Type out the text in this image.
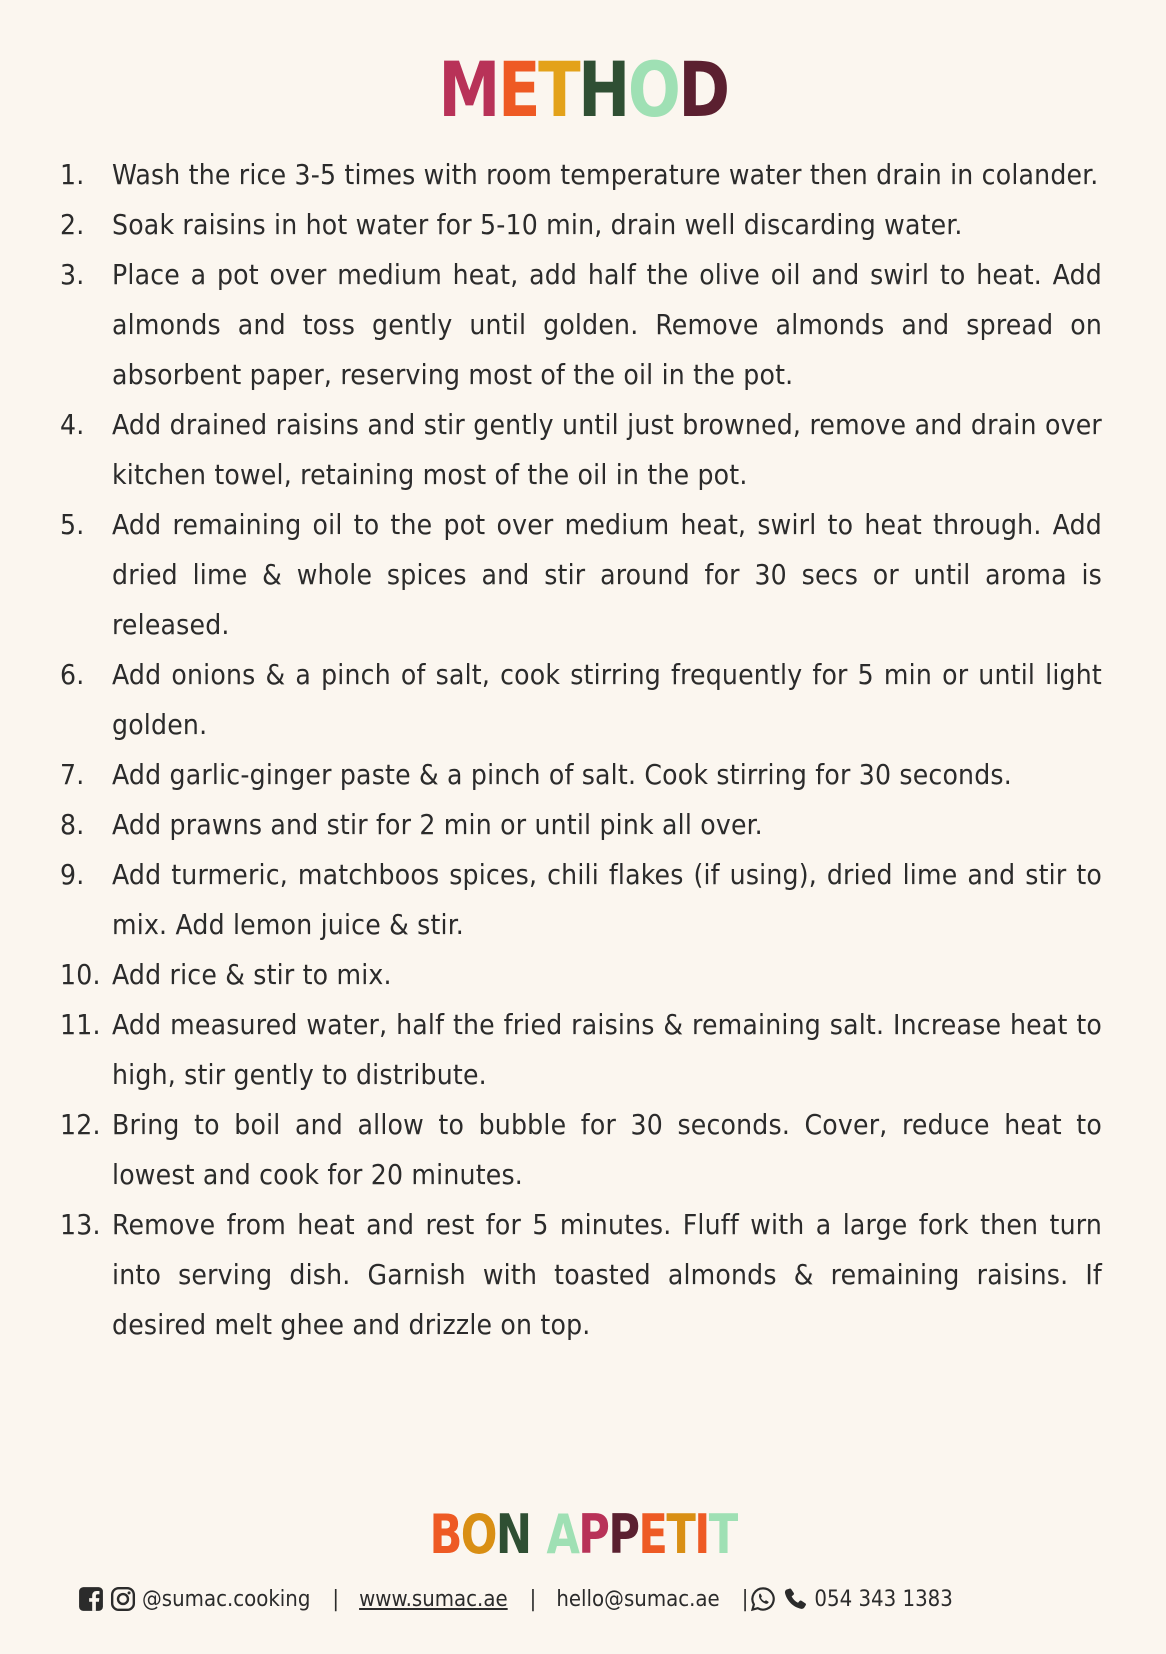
METHOD
1. Wash the rice 3-5 times with room temperature water then drain in colander.
2. Soak raisins in hot water for 5-10 min, drain well discarding water.
3. Place a pot over medium heat, add half the olive oil and swirl to heat. Add almonds and toss gently until golden. Remove almonds and spread on absorbent paper, reserving most of the oil in the pot.
4. Add drained raisins and stir gently until just browned, remove and drain over kitchen towel, retaining most of the oil in the pot.
5. Add remaining oil to the pot over medium heat, swirl to heat through. Add dried lime & whole spices and stir around for 30 secs or until aroma is released.
6. Add onions & a pinch of salt, cook stirring frequently for 5 min or until light golden.
7. Add garlic-ginger paste & a pinch of salt. Cook stirring for 30 seconds.
8. Add prawns and stir for 2 min or until pink all over.
9. Add turmeric, matchboos spices, chili flakes (if using), dried lime and stir to mix. Add lemon juice & stir.
10. Add rice & stir to mix.
11. Add measured water, half the fried raisins & remaining salt. Increase heat to high, stir gently to distribute.
12. Bring to boil and allow to bubble for 30 seconds. Cover, reduce heat to lowest and cook for 20 minutes.
13. Remove from heat and rest for 5 minutes. Fluff with a large fork then turn into serving dish. Garnish with toasted almonds & remaining raisins. If desired melt ghee and drizzle on top.
BON APPETIT
@sumac.cooking | www.sumac.ae | hello@sumac.ae |	054 343 1383
